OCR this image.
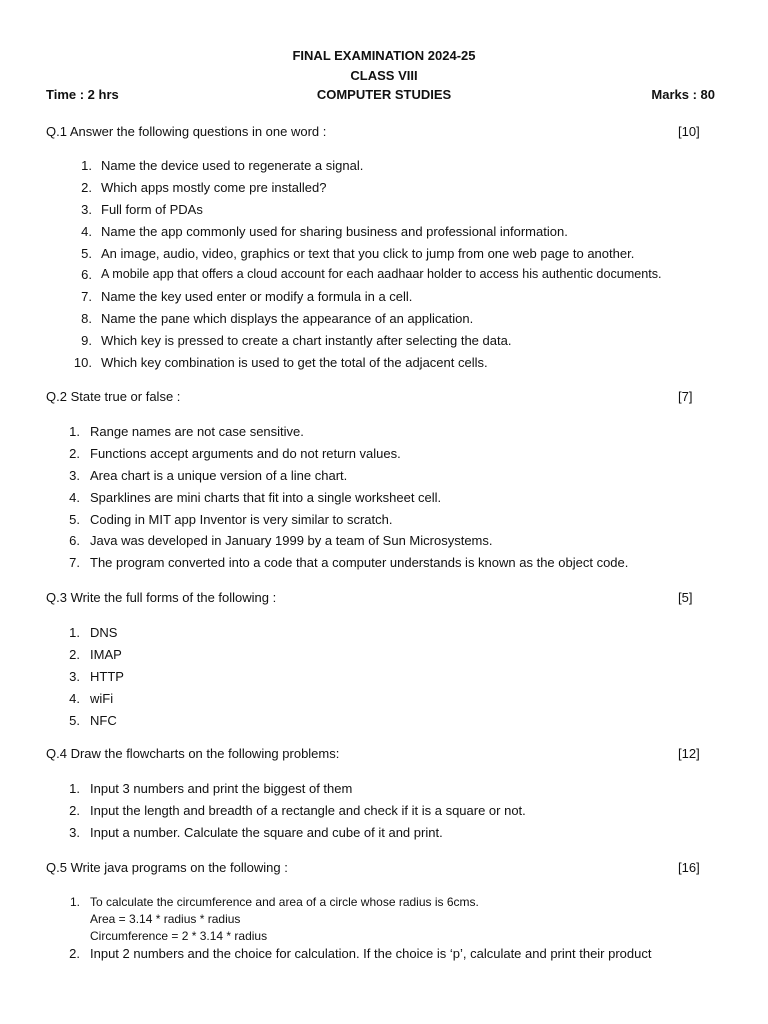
FINAL EXAMINATION 2024-25
CLASS VIII
Time : 2 hrs	COMPUTER STUDIES	Marks : 80
Q.1 Answer the following questions in one word :	[10]
1. Name the device used to regenerate a signal.
2. Which apps mostly come pre installed?
3. Full form of PDAs
4. Name the app commonly used for sharing business and professional information.
5. An image, audio, video, graphics or text that you click to jump from one web page to another.
6. A mobile app that offers a cloud account for each aadhaar holder to access his authentic documents.
7. Name the key used enter or modify a formula in a cell.
8. Name the pane which displays the appearance of an application.
9. Which key is pressed to create a chart instantly after selecting the data.
10. Which key combination is used to get the total of the adjacent cells.
Q.2 State true or false :	[7]
1. Range names are not case sensitive.
2. Functions accept arguments and do not return values.
3. Area chart is a unique version of a line chart.
4. Sparklines are mini charts that fit into a single worksheet cell.
5. Coding in MIT app Inventor is very similar to scratch.
6. Java was developed in January 1999 by a team of Sun Microsystems.
7. The program converted into a code that a computer understands is known as the object code.
Q.3 Write the full forms of the following :	[5]
1. DNS
2. IMAP
3. HTTP
4. wiFi
5. NFC
Q.4 Draw the flowcharts on the following problems:	[12]
1. Input 3 numbers and print the biggest of them
2. Input the length and breadth of a rectangle and check if it is a square or not.
3. Input a number. Calculate the square and cube of it and print.
Q.5 Write java programs on the following :	[16]
1. To calculate the circumference and area of a circle whose radius is 6cms.
Area = 3.14 * radius * radius
Circumference = 2 * 3.14 * radius
2. Input 2 numbers and the choice for calculation. If the choice is ‘p’, calculate and print their product
